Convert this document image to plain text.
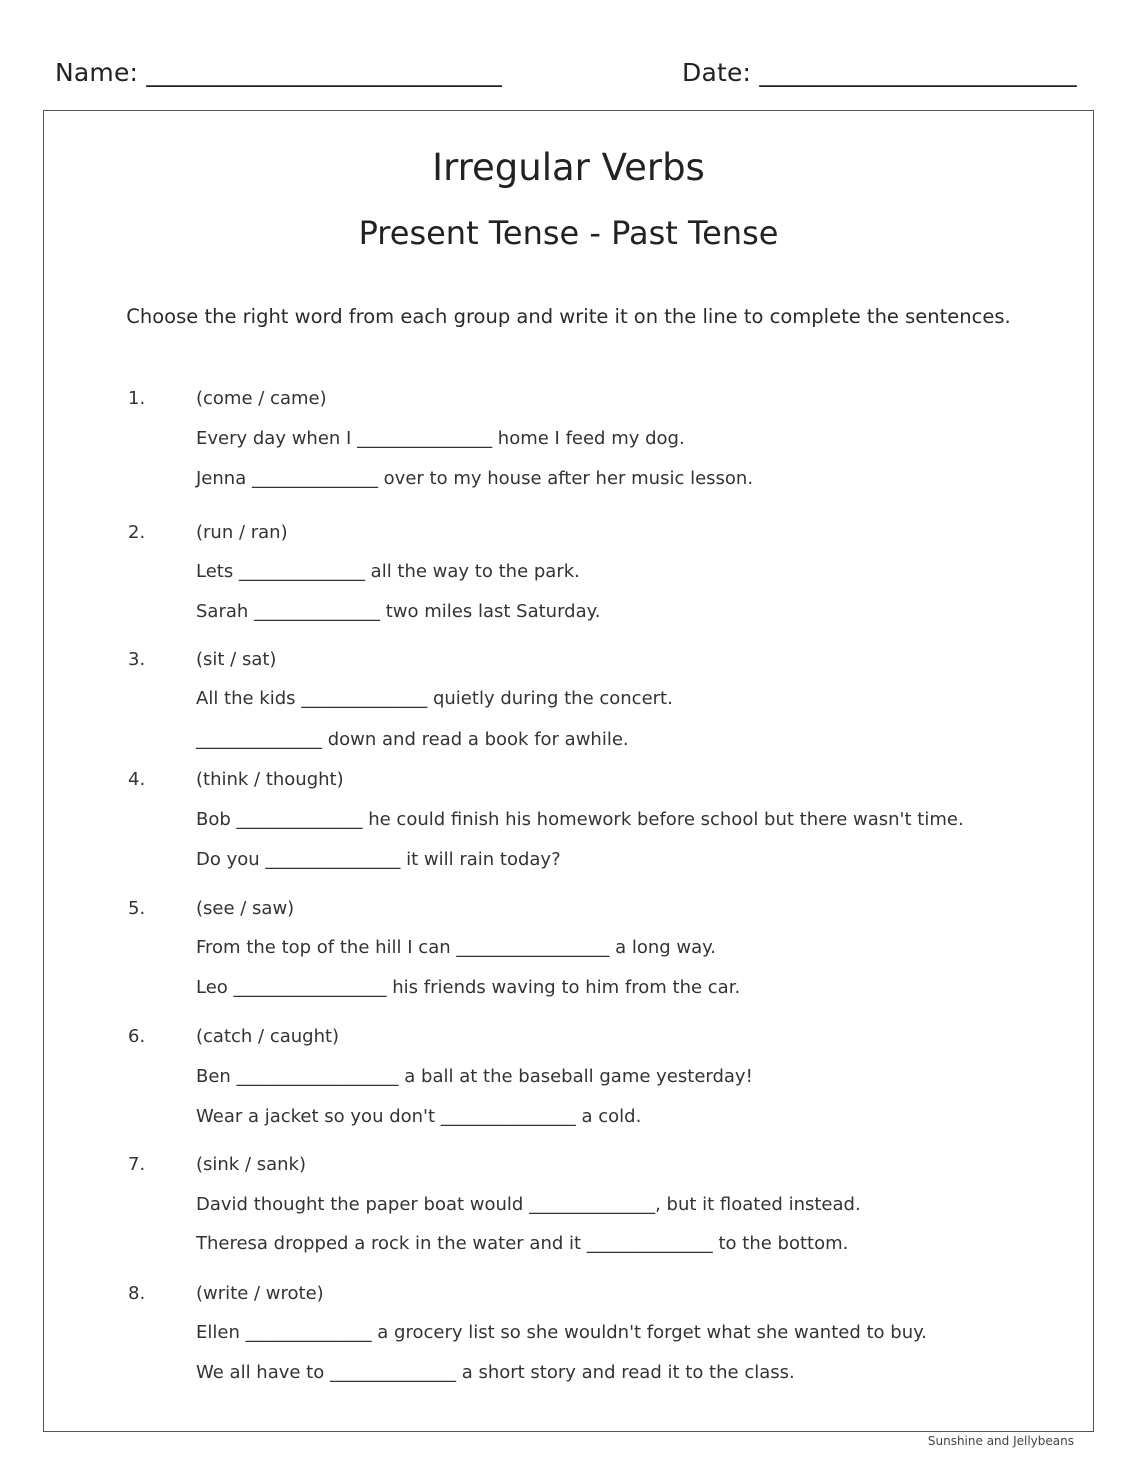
Name: ____________________________	Date: _________________________
Irregular Verbs
Present Tense - Past Tense
Choose the right word from each group and write it on the line to complete the sentences.
1.	(come / came)
Every day when I _______________ home I feed my dog.
Jenna ______________ over to my house after her music lesson.
2.	(run / ran)
Lets ______________ all the way to the park.
Sarah ______________ two miles last Saturday.
3.	(sit / sat)
All the kids ______________ quietly during the concert.
______________ down and read a book for awhile.
4.	(think / thought)
Bob ______________ he could finish his homework before school but there wasn't time.
Do you _______________ it will rain today?
5.	(see / saw)
From the top of the hill I can _________________ a long way.
Leo _________________ his friends waving to him from the car.
6.	(catch / caught)
Ben __________________ a ball at the baseball game yesterday!
Wear a jacket so you don't _______________ a cold.
7.	(sink / sank)
David thought the paper boat would ______________, but it floated instead.
Theresa dropped a rock in the water and it ______________ to the bottom.
8.	(write / wrote)
Ellen ______________ a grocery list so she wouldn't forget what she wanted to buy.
We all have to ______________ a short story and read it to the class.
Sunshine and Jellybeans
